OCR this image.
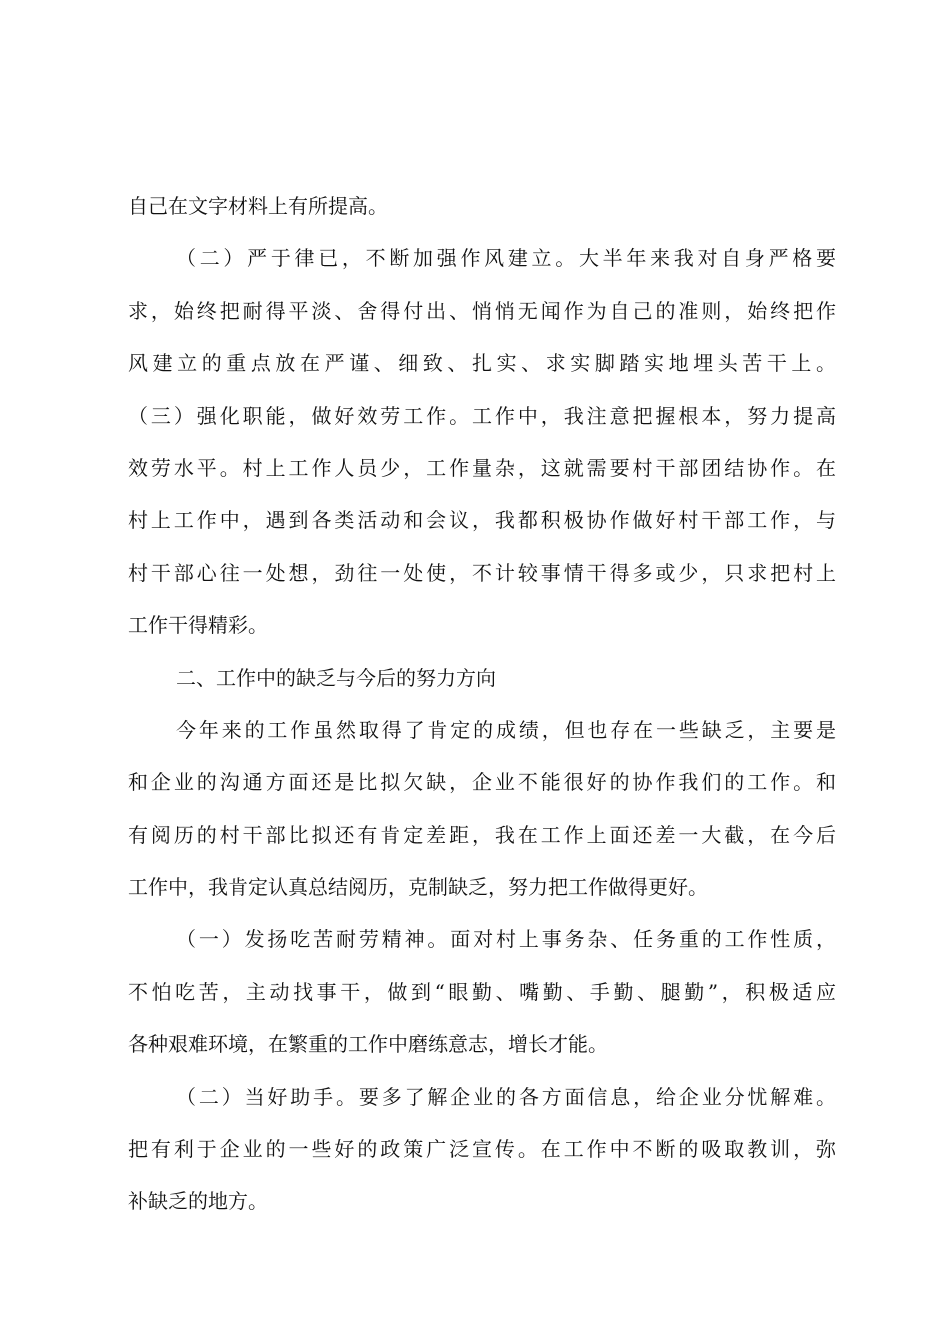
自己在文字材料上有所提高。
（二）严于律已，不断加强作风建立。大半年来我对自身严格要
求，始终把耐得平淡、舍得付出、悄悄无闻作为自己的准则，始终把作
风建立的重点放在严谨、细致、扎实、求实脚踏实地埋头苦干上。
（三）强化职能，做好效劳工作。工作中，我注意把握根本，努力提高
效劳水平。村上工作人员少，工作量杂，这就需要村干部团结协作。在
村上工作中，遇到各类活动和会议，我都积极协作做好村干部工作，与
村干部心往一处想，劲往一处使，不计较事情干得多或少，只求把村上
工作干得精彩。
二、工作中的缺乏与今后的努力方向
今年来的工作虽然取得了肯定的成绩，但也存在一些缺乏，主要是
和企业的沟通方面还是比拟欠缺，企业不能很好的协作我们的工作。和
有阅历的村干部比拟还有肯定差距，我在工作上面还差一大截，在今后
工作中，我肯定认真总结阅历，克制缺乏，努力把工作做得更好。
（一）发扬吃苦耐劳精神。面对村上事务杂、任务重的工作性质，
不怕吃苦，主动找事干，做到“眼勤、嘴勤、手勤、腿勤”，积极适应
各种艰难环境，在繁重的工作中磨练意志，增长才能。
（二）当好助手。要多了解企业的各方面信息，给企业分忧解难。
把有利于企业的一些好的政策广泛宣传。在工作中不断的吸取教训，弥
补缺乏的地方。
